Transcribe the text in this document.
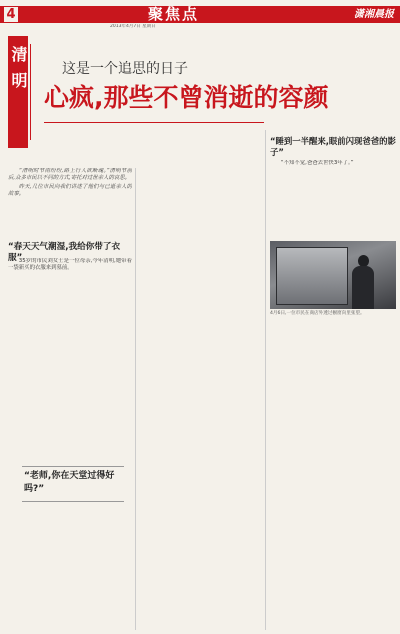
4	聚焦点	潇湘晨报
2013年4月7日 星期日
清明 这是一个追思的日子
心疯,那些不曾消逝的容颜

“清明时节雨纷纷,路上行人欲断魂。”清明节前后,众多市民以不同的方式,寄托对过世亲人的哀思。

昨天,几位市民向我们讲述了他们与已逝亲人的故事。

“春天天气潮湿,我给你带了衣服”

35岁的市民刘女士是一位母亲,今年清明,她带着一袋新买的衣服来到墓前。

“老师,你在天堂过得好吗?”
“睡到一半醒来,眼前闪现爸爸的影子”

“不知不觉,爸爸去世快3年了。”

4月6日,一位市民在商店外透过橱窗向里张望。
